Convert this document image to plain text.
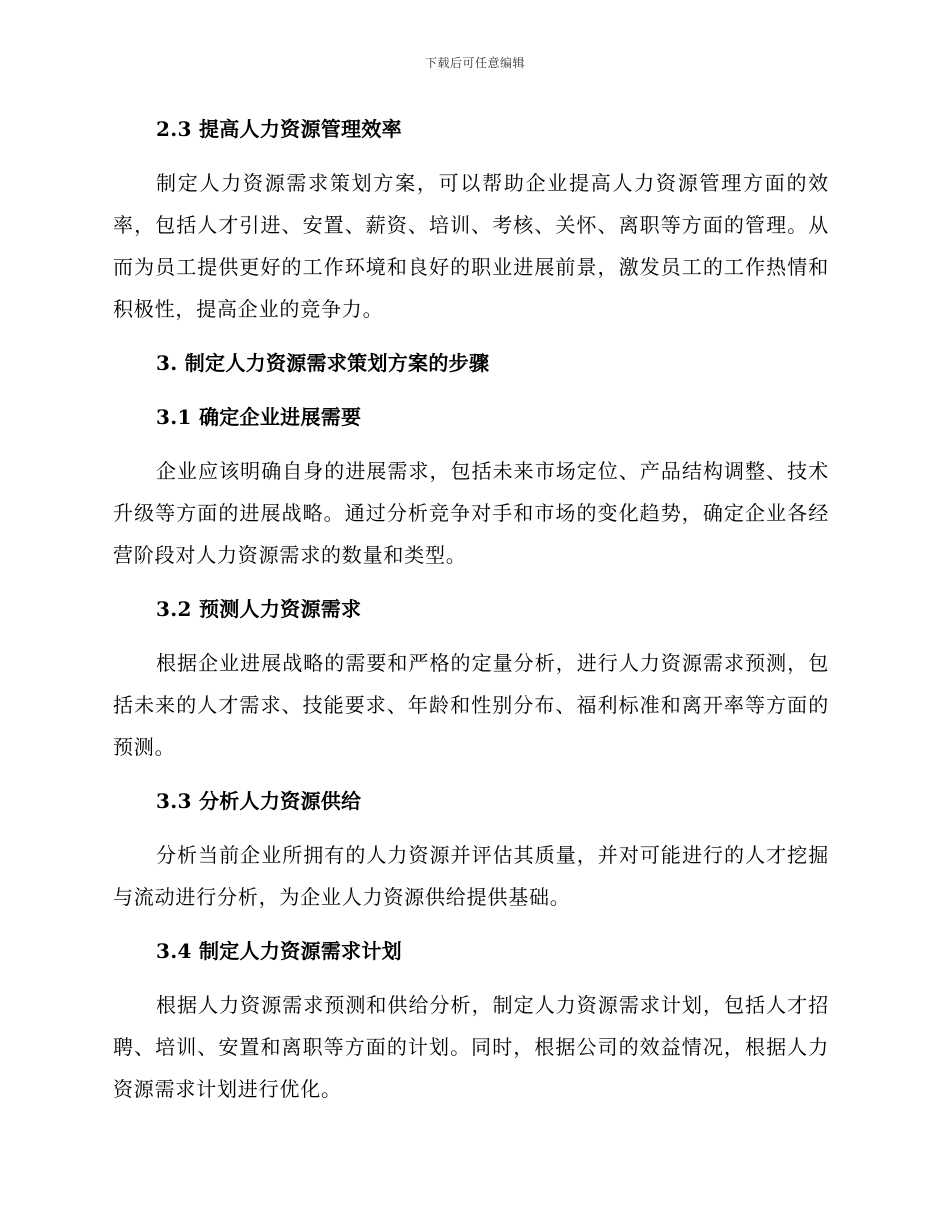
下载后可任意编辑
2.3 提高人力资源管理效率
制定人力资源需求策划方案，可以帮助企业提高人力资源管理方面的效率，包括人才引进、安置、薪资、培训、考核、关怀、离职等方面的管理。从而为员工提供更好的工作环境和良好的职业进展前景，激发员工的工作热情和积极性，提高企业的竞争力。
3. 制定人力资源需求策划方案的步骤
3.1 确定企业进展需要
企业应该明确自身的进展需求，包括未来市场定位、产品结构调整、技术升级等方面的进展战略。通过分析竞争对手和市场的变化趋势，确定企业各经营阶段对人力资源需求的数量和类型。
3.2 预测人力资源需求
根据企业进展战略的需要和严格的定量分析，进行人力资源需求预测，包括未来的人才需求、技能要求、年龄和性别分布、福利标准和离开率等方面的预测。
3.3 分析人力资源供给
分析当前企业所拥有的人力资源并评估其质量，并对可能进行的人才挖掘与流动进行分析，为企业人力资源供给提供基础。
3.4 制定人力资源需求计划
根据人力资源需求预测和供给分析，制定人力资源需求计划，包括人才招聘、培训、安置和离职等方面的计划。同时，根据公司的效益情况，根据人力资源需求计划进行优化。
